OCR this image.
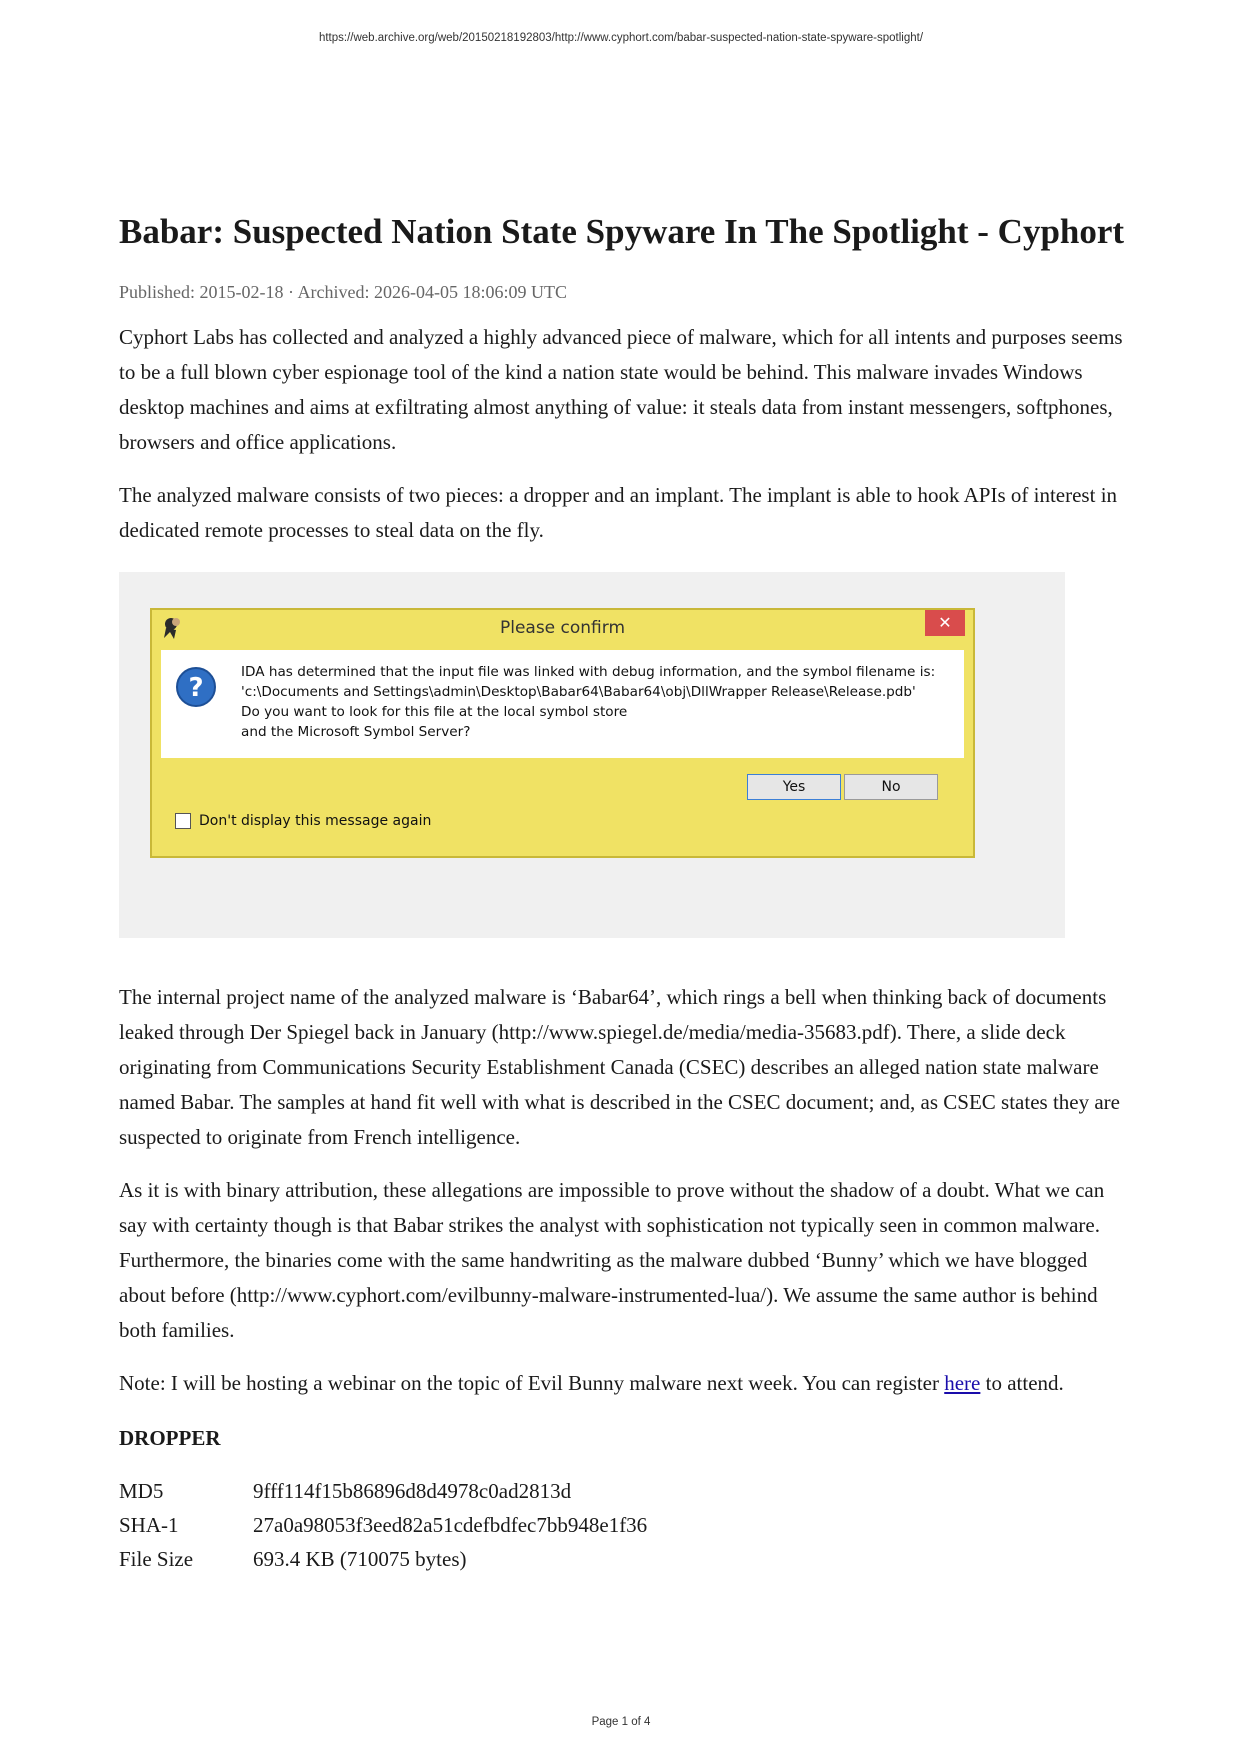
https://web.archive.org/web/20150218192803/http://www.cyphort.com/babar-suspected-nation-state-spyware-spotlight/
Babar: Suspected Nation State Spyware In The Spotlight - Cyphort
Published: 2015-02-18 · Archived: 2026-04-05 18:06:09 UTC

Cyphort Labs has collected and analyzed a highly advanced piece of malware, which for all intents and purposes seems to be a full blown cyber espionage tool of the kind a nation state would be behind. This malware invades Windows desktop machines and aims at exfiltrating almost anything of value: it steals data from instant messengers, softphones, browsers and office applications.

The analyzed malware consists of two pieces: a dropper and an implant. The implant is able to hook APIs of interest in dedicated remote processes to steal data on the fly.

Please confirm	✕
?
IDA has determined that the input file was linked with debug information, and the symbol filename is:
'c:\Documents and Settings\admin\Desktop\Babar64\Babar64\obj\DllWrapper Release\Release.pdb'
Do you want to look for this file at the local symbol store
and the Microsoft Symbol Server?
Yes	No
Don't display this message again

The internal project name of the analyzed malware is ‘Babar64’, which rings a bell when thinking back of documents leaked through Der Spiegel back in January (http://www.spiegel.de/media/media-35683.pdf). There, a slide deck originating from Communications Security Establishment Canada (CSEC) describes an alleged nation state malware named Babar. The samples at hand fit well with what is described in the CSEC document; and, as CSEC states they are suspected to originate from French intelligence.

As it is with binary attribution, these allegations are impossible to prove without the shadow of a doubt. What we can say with certainty though is that Babar strikes the analyst with sophistication not typically seen in common malware. Furthermore, the binaries come with the same handwriting as the malware dubbed ‘Bunny’ which we have blogged about before (http://www.cyphort.com/evilbunny-malware-instrumented-lua/). We assume the same author is behind both families.

Note: I will be hosting a webinar on the topic of Evil Bunny malware next week. You can register here to attend.

DROPPER
MD5	9fff114f15b86896d8d4978c0ad2813d
SHA-1	27a0a98053f3eed82a51cdefbdfec7bb948e1f36
File Size	693.4 KB (710075 bytes)
Page 1 of 4
